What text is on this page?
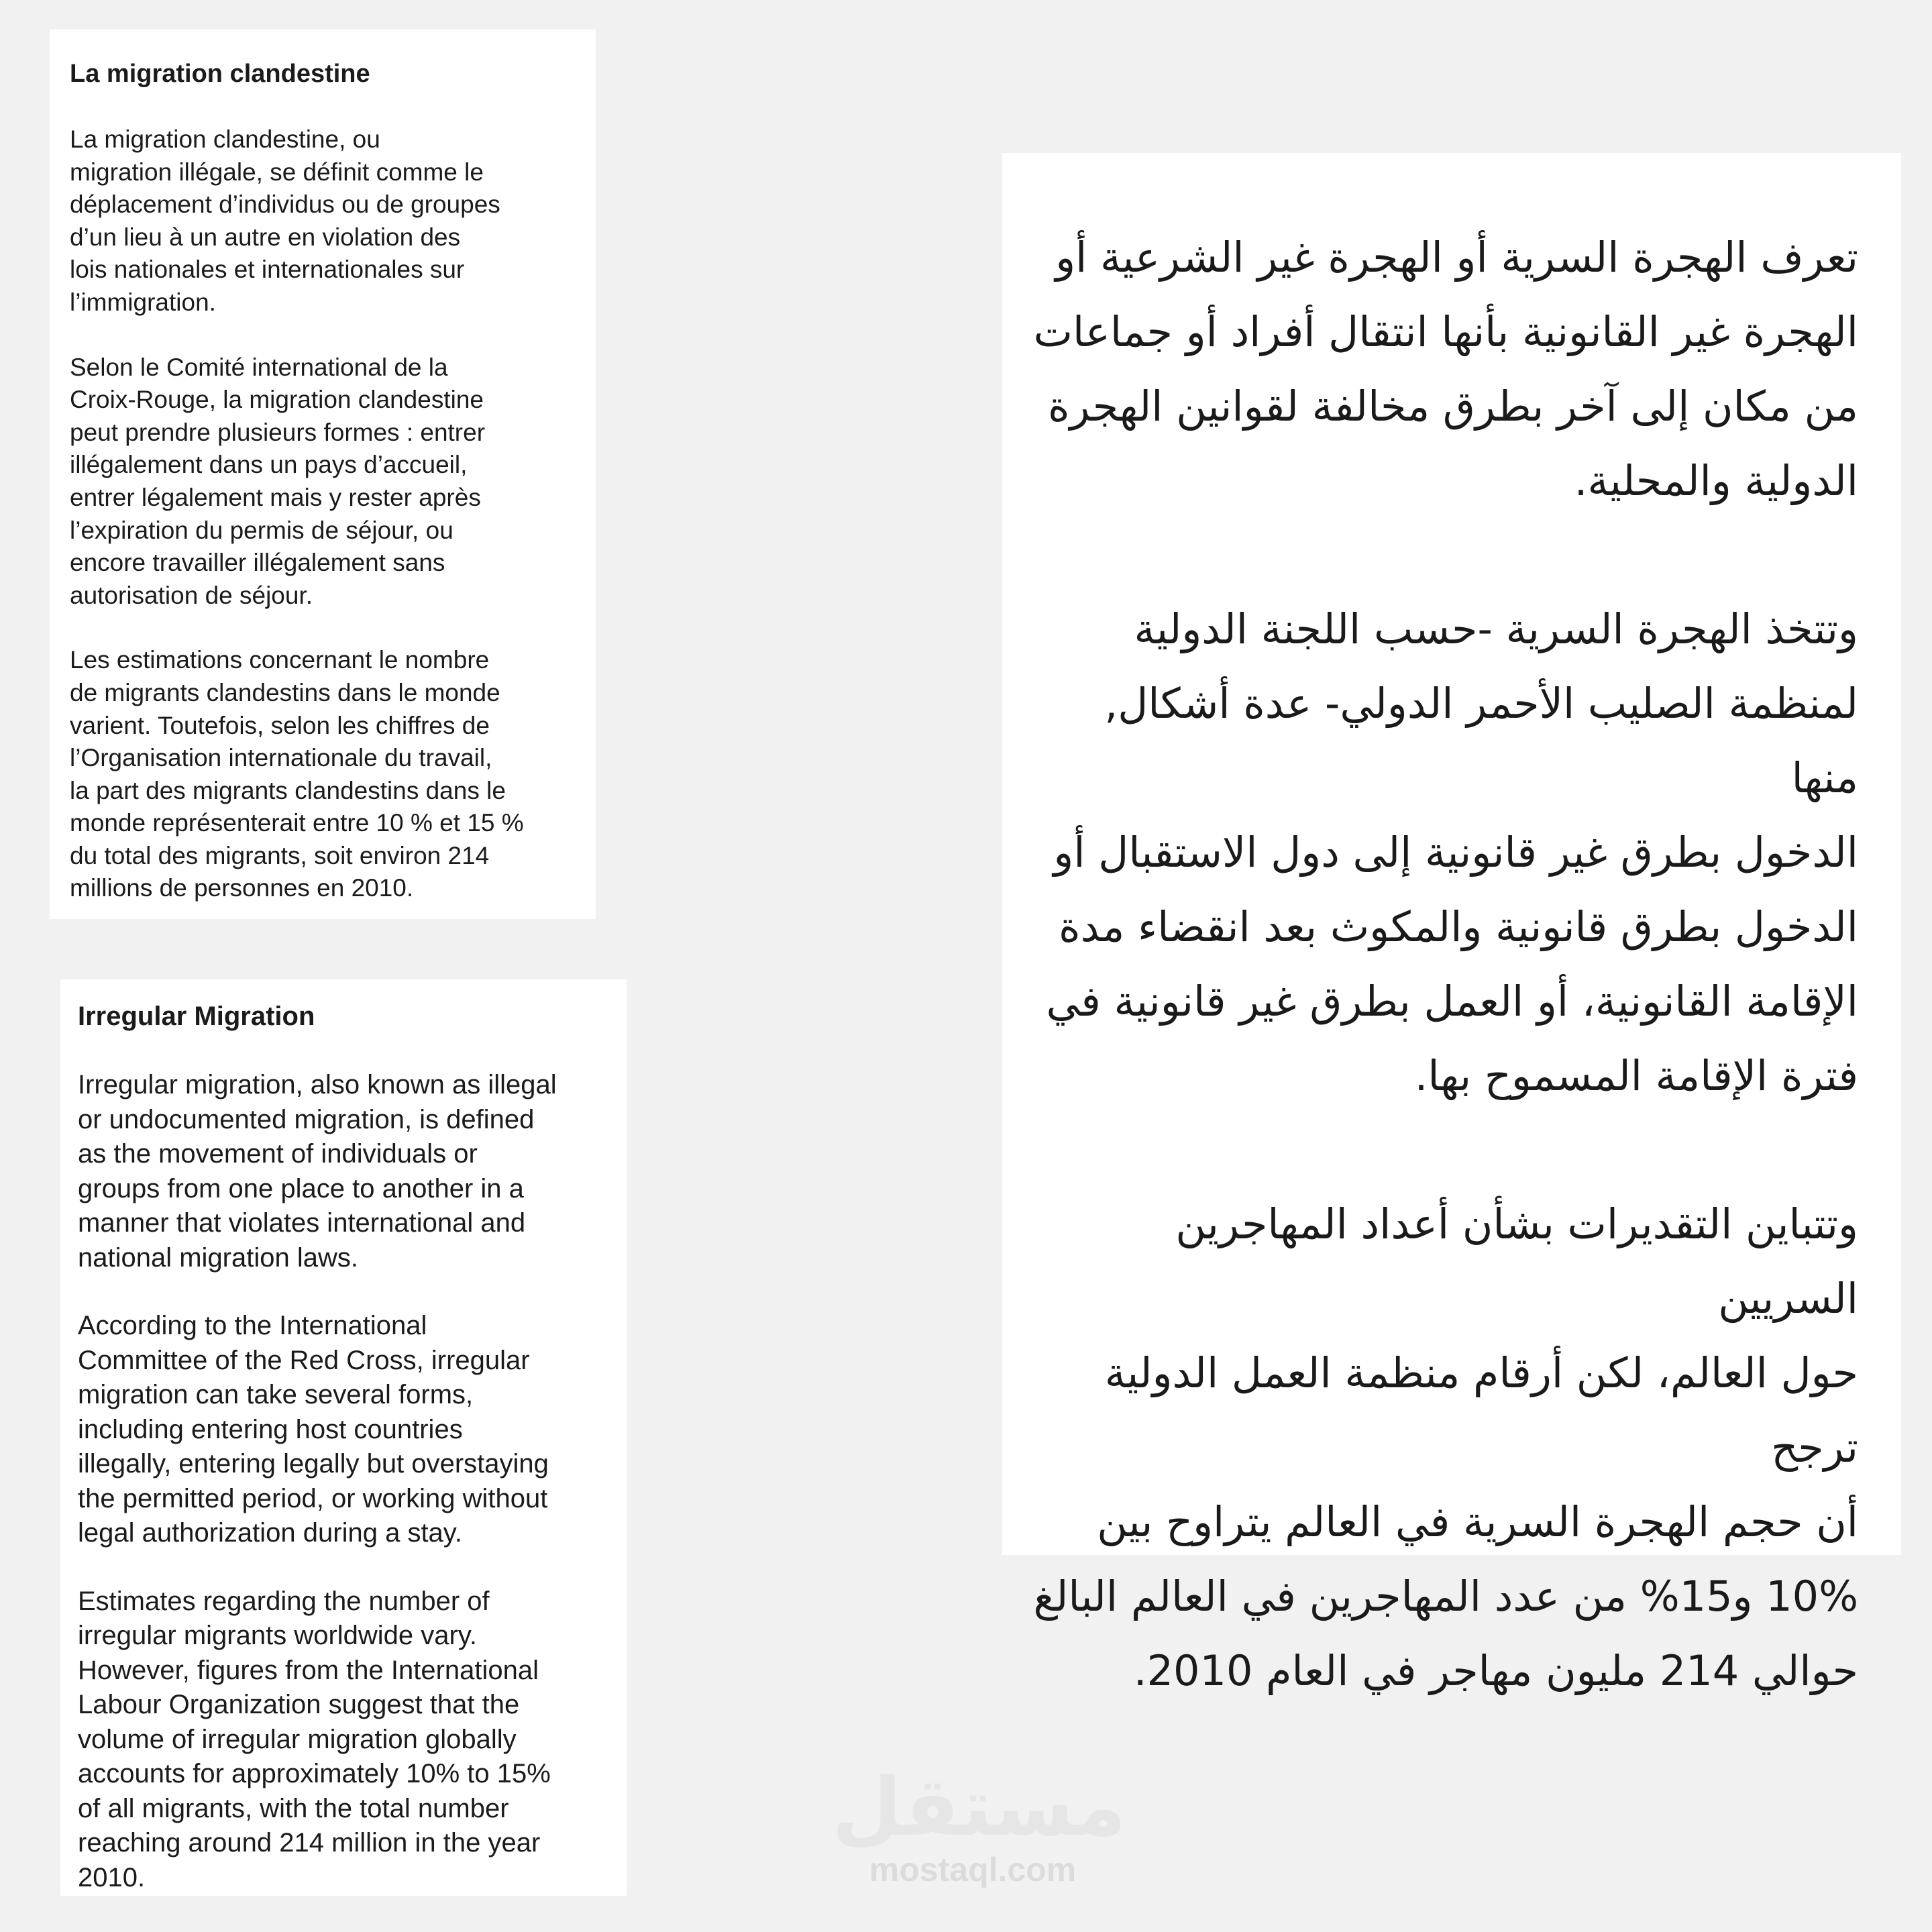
La migration clandestine

La migration clandestine, ou
migration illégale, se définit comme le
déplacement d’individus ou de groupes
d’un lieu à un autre en violation des
lois nationales et internationales sur
l’immigration.

Selon le Comité international de la
Croix-Rouge, la migration clandestine
peut prendre plusieurs formes : entrer
illégalement dans un pays d’accueil,
entrer légalement mais y rester après
l’expiration du permis de séjour, ou
encore travailler illégalement sans
autorisation de séjour.

Les estimations concernant le nombre
de migrants clandestins dans le monde
varient. Toutefois, selon les chiffres de
l’Organisation internationale du travail,
la part des migrants clandestins dans le
monde représenterait entre 10 % et 15 %
du total des migrants, soit environ 214
millions de personnes en 2010.

Irregular Migration

Irregular migration, also known as illegal
or undocumented migration, is defined
as the movement of individuals or
groups from one place to another in a
manner that violates international and
national migration laws.

According to the International
Committee of the Red Cross, irregular
migration can take several forms,
including entering host countries
illegally, entering legally but overstaying
the permitted period, or working without
legal authorization during a stay.

Estimates regarding the number of
irregular migrants worldwide vary.
However, figures from the International
Labour Organization suggest that the
volume of irregular migration globally
accounts for approximately 10% to 15%
of all migrants, with the total number
reaching around 214 million in the year
2010.

تعرف الهجرة السرية أو الهجرة غير الشرعية أو
الهجرة غير القانونية بأنها انتقال أفراد أو جماعات
من مكان إلى آخر بطرق مخالفة لقوانين الهجرة
الدولية والمحلية.

وتتخذ الهجرة السرية -حسب اللجنة الدولية
لمنظمة الصليب الأحمر الدولي- عدة أشكال, منها
الدخول بطرق غير قانونية إلى دول الاستقبال أو
الدخول بطرق قانونية والمكوث بعد انقضاء مدة
الإقامة القانونية، أو العمل بطرق غير قانونية في
فترة الإقامة المسموح بها.

وتتباين التقديرات بشأن أعداد المهاجرين السريين
حول العالم، لكن أرقام منظمة العمل الدولية ترجح
أن حجم الهجرة السرية في العالم يتراوح بين
10% و15% من عدد المهاجرين في العالم البالغ
حوالي 214 مليون مهاجر في العام 2010.

مستقل
mostaql.com
